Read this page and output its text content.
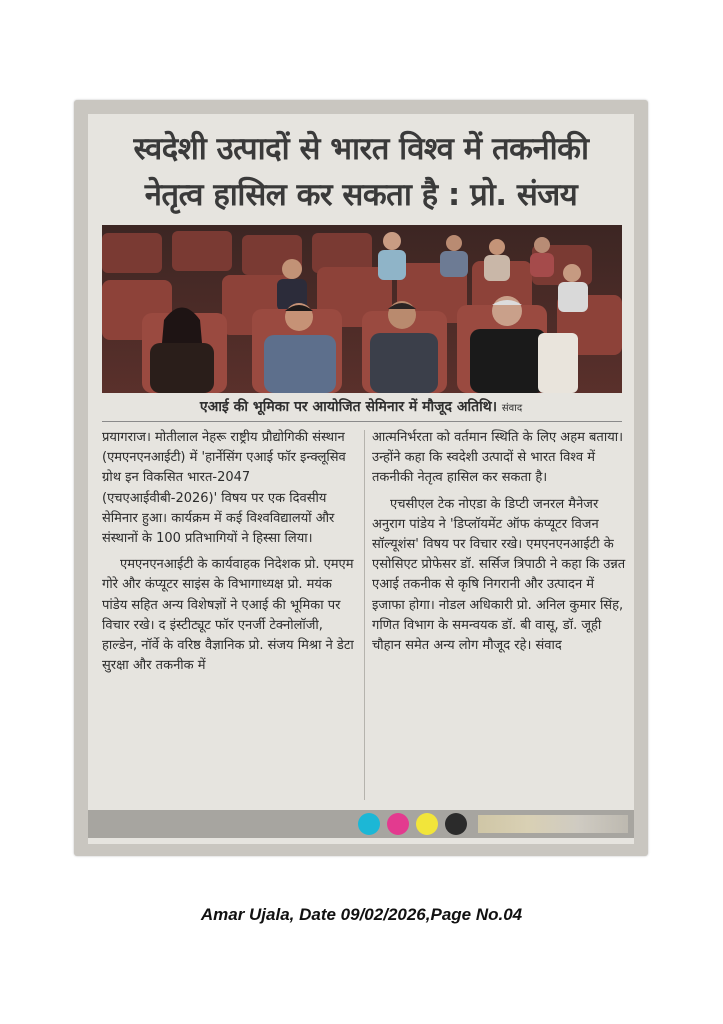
स्वदेशी उत्पादों से भारत विश्व में तकनीकी
नेतृत्व हासिल कर सकता है : प्रो. संजय
एआई की भूमिका पर आयोजित सेमिनार में मौजूद अतिथि। संवाद

प्रयागराज। मोतीलाल नेहरू राष्ट्रीय प्रौद्योगिकी संस्थान (एमएनएनआईटी) में 'हार्नेसिंग एआई फॉर इन्क्लूसिव ग्रोथ इन विकसित भारत-2047 (एचएआईवीबी-2026)' विषय पर एक दिवसीय सेमिनार हुआ। कार्यक्रम में कई विश्वविद्यालयों और संस्थानों के 100 प्रतिभागियों ने हिस्सा लिया।

एमएनएनआईटी के कार्यवाहक निदेशक प्रो. एमएम गोरे और कंप्यूटर साइंस के विभागाध्यक्ष प्रो. मयंक पांडेय सहित अन्य विशेषज्ञों ने एआई की भूमिका पर विचार रखे। द इंस्टीट्यूट फॉर एनर्जी टेक्नोलॉजी, हाल्डेन, नॉर्वे के वरिष्ठ वैज्ञानिक प्रो. संजय मिश्रा ने डेटा सुरक्षा और तकनीक में

आत्मनिर्भरता को वर्तमान स्थिति के लिए अहम बताया। उन्होंने कहा कि स्वदेशी उत्पादों से भारत विश्व में तकनीकी नेतृत्व हासिल कर सकता है।

एचसीएल टेक नोएडा के डिप्टी जनरल मैनेजर अनुराग पांडेय ने 'डिप्लॉयमेंट ऑफ कंप्यूटर विजन सॉल्यूशंस' विषय पर विचार रखे। एमएनएनआईटी के एसोसिएट प्रोफेसर डॉ. सर्सिज त्रिपाठी ने कहा कि उन्नत एआई तकनीक से कृषि निगरानी और उत्पादन में इजाफा होगा। नोडल अधिकारी प्रो. अनिल कुमार सिंह, गणित विभाग के समन्वयक डॉ. बी वासू, डॉ. जूही चौहान समेत अन्य लोग मौजूद रहे। संवाद

Amar Ujala, Date 09/02/2026,Page No.04
